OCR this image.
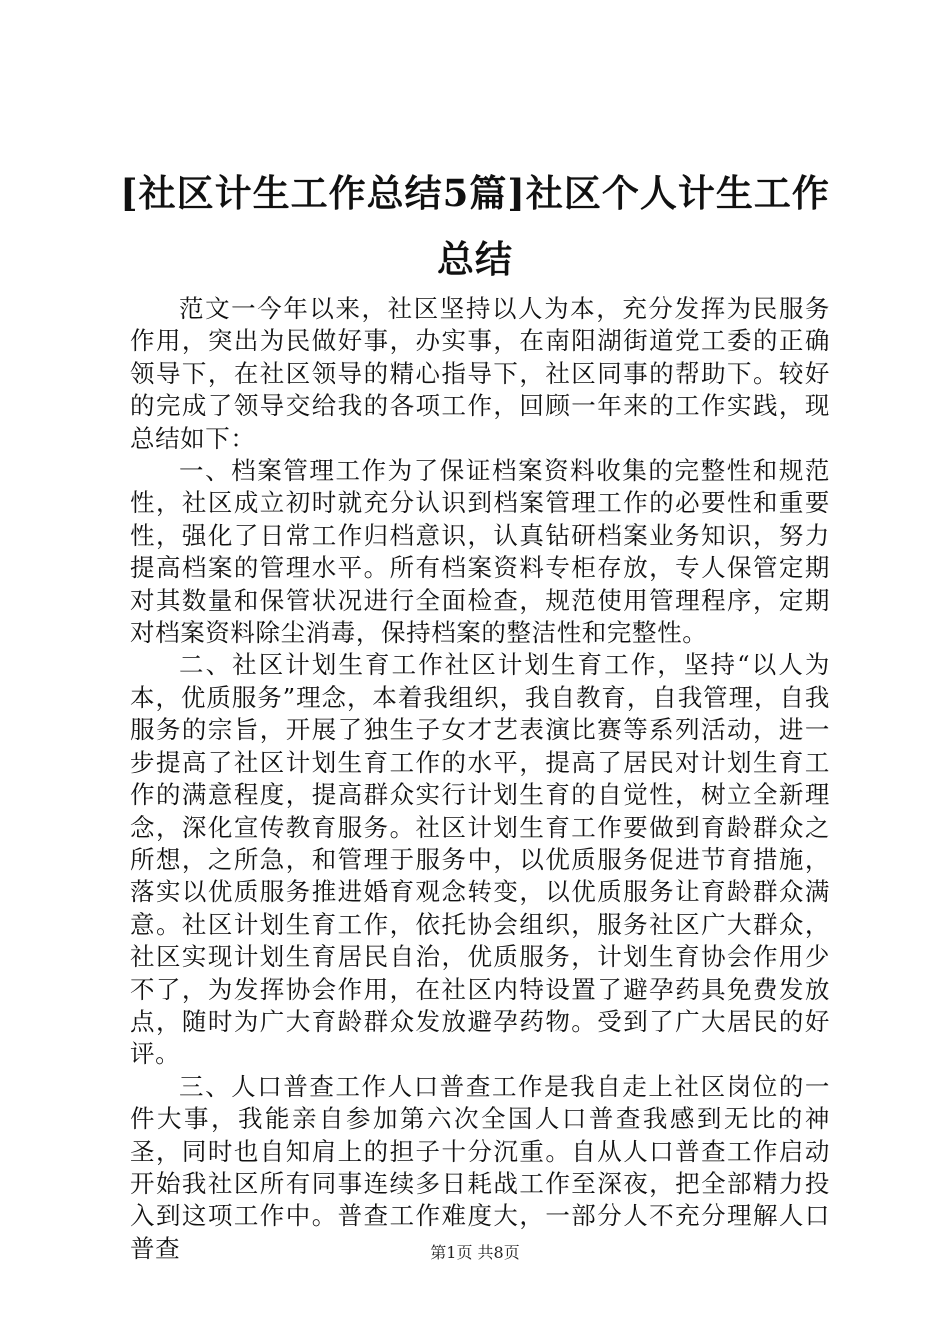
[社区计生工作总结5篇]社区个人计生工作总结

范文一今年以来，社区坚持以人为本，充分发挥为民服务作用，突出为民做好事，办实事，在南阳湖街道党工委的正确领导下，在社区领导的精心指导下，社区同事的帮助下。较好的完成了领导交给我的各项工作，回顾一年来的工作实践，现总结如下：

一、档案管理工作为了保证档案资料收集的完整性和规范性，社区成立初时就充分认识到档案管理工作的必要性和重要性，强化了日常工作归档意识，认真钻研档案业务知识，努力提高档案的管理水平。所有档案资料专柜存放，专人保管定期对其数量和保管状况进行全面检查，规范使用管理程序，定期对档案资料除尘消毒，保持档案的整洁性和完整性。

二、社区计划生育工作社区计划生育工作，坚持“以人为本，优质服务”理念，本着我组织，我自教育，自我管理，自我服务的宗旨，开展了独生子女才艺表演比赛等系列活动，进一步提高了社区计划生育工作的水平，提高了居民对计划生育工作的满意程度，提高群众实行计划生育的自觉性，树立全新理念，深化宣传教育服务。社区计划生育工作要做到育龄群众之所想，之所急，和管理于服务中，以优质服务促进节育措施，落实以优质服务推进婚育观念转变，以优质服务让育龄群众满意。社区计划生育工作，依托协会组织，服务社区广大群众，社区实现计划生育居民自治，优质服务，计划生育协会作用少不了，为发挥协会作用，在社区内特设置了避孕药具免费发放点，随时为广大育龄群众发放避孕药物。受到了广大居民的好评。

三、人口普查工作人口普查工作是我自走上社区岗位的一件大事，我能亲自参加第六次全国人口普查我感到无比的神圣，同时也自知肩上的担子十分沉重。自从人口普查工作启动开始我社区所有同事连续多日耗战工作至深夜，把全部精力投入到这项工作中。普查工作难度大，一部分人不充分理解人口普查	第1页 共8页
